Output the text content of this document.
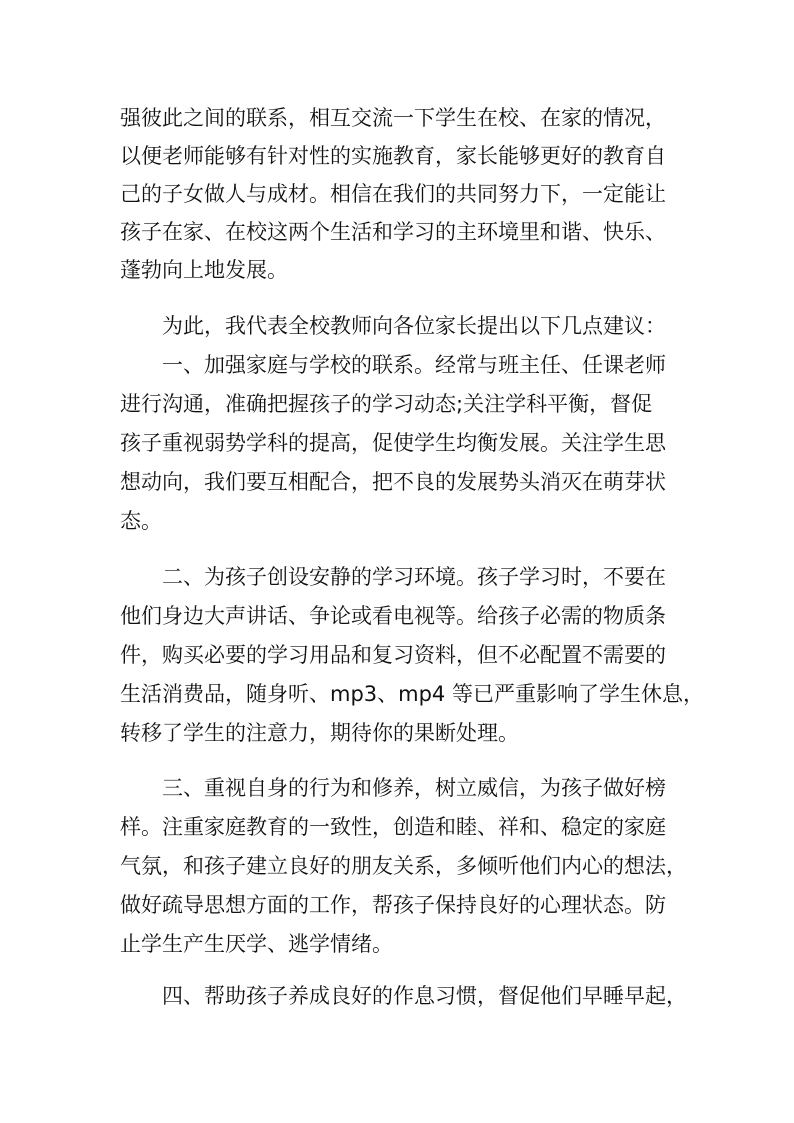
强彼此之间的联系，相互交流一下学生在校、在家的情况，
以便老师能够有针对性的实施教育，家长能够更好的教育自
己的子女做人与成材。相信在我们的共同努力下，一定能让
孩子在家、在校这两个生活和学习的主环境里和谐、快乐、
蓬勃向上地发展。
为此，我代表全校教师向各位家长提出以下几点建议：
一、加强家庭与学校的联系。经常与班主任、任课老师
进行沟通，准确把握孩子的学习动态;关注学科平衡，督促
孩子重视弱势学科的提高，促使学生均衡发展。关注学生思
想动向，我们要互相配合，把不良的发展势头消灭在萌芽状
态。
二、为孩子创设安静的学习环境。孩子学习时，不要在
他们身边大声讲话、争论或看电视等。给孩子必需的物质条
件，购买必要的学习用品和复习资料，但不必配置不需要的
生活消费品，随身听、mp3、mp4 等已严重影响了学生休息，
转移了学生的注意力，期待你的果断处理。
三、重视自身的行为和修养，树立威信，为孩子做好榜
样。注重家庭教育的一致性，创造和睦、祥和、稳定的家庭
气氛，和孩子建立良好的朋友关系，多倾听他们内心的想法，
做好疏导思想方面的工作，帮孩子保持良好的心理状态。防
止学生产生厌学、逃学情绪。
四、帮助孩子养成良好的作息习惯，督促他们早睡早起，
